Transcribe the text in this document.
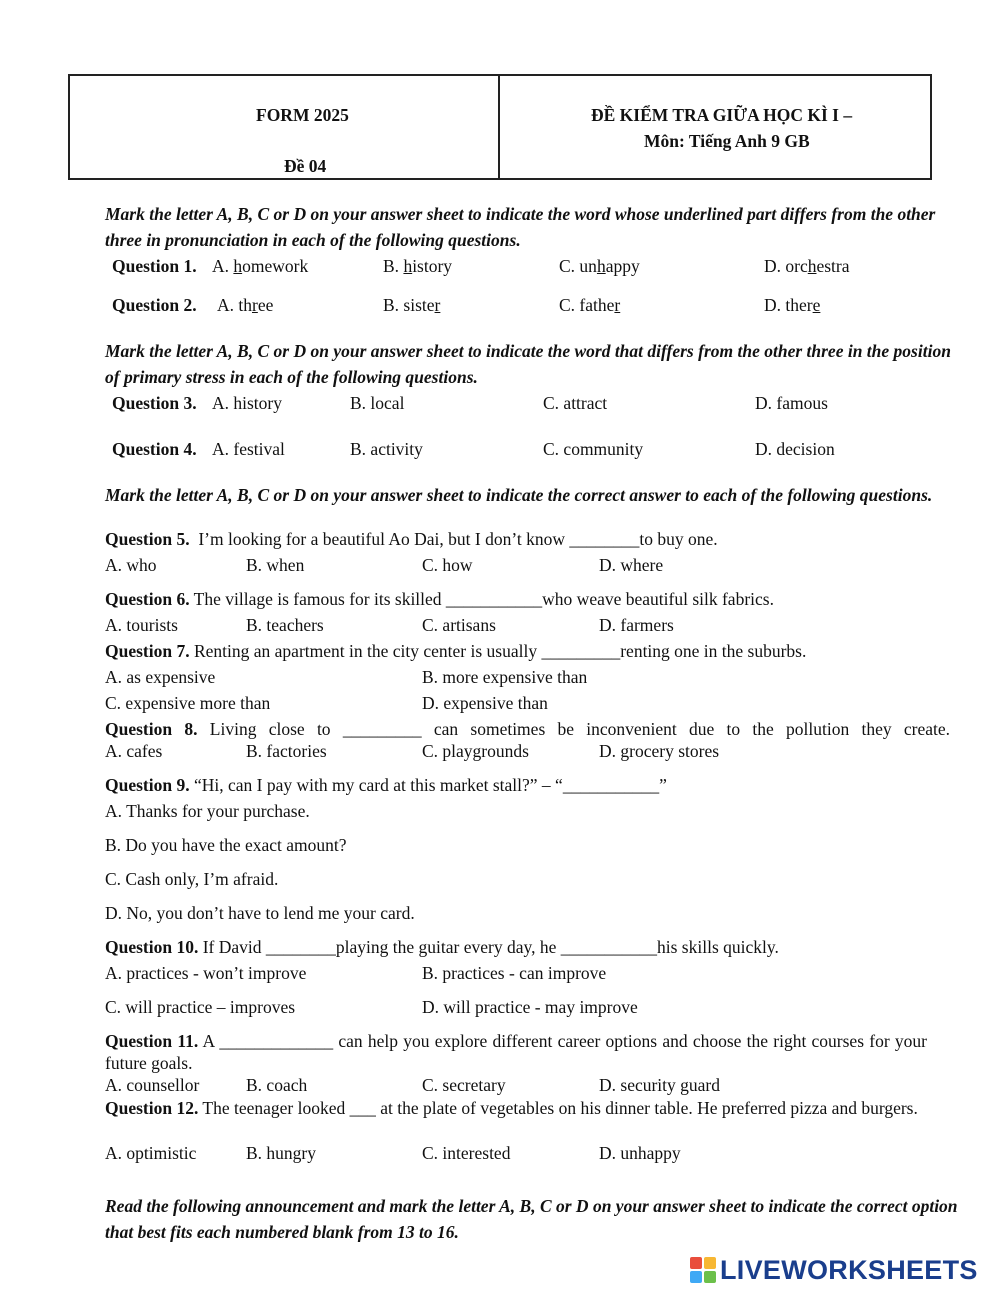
FORM 2025
Đề 04
ĐỀ KIỂM TRA GIỮA HỌC KÌ I –
Môn: Tiếng Anh 9 GB
Mark the letter A, B, C or D on your answer sheet to indicate the word whose underlined part differs from the other three in pronunciation in each of the following questions.
Question 1. A. homework	B. history	C. unhappy	D. orchestra
Question 2. A. three	B. sister	C. father	D. there
Mark the letter A, B, C or D on your answer sheet to indicate the word that differs from the other three in the position of primary stress in each of the following questions.
Question 3. A. history	B. local	C. attract	D. famous
Question 4. A. festival	B. activity	C. community	D. decision
Mark the letter A, B, C or D on your answer sheet to indicate the correct answer to each of the following questions.
Question 5. I’m looking for a beautiful Ao Dai, but I don’t know ________to buy one.
A. who	B. when	C. how	D. where
Question 6. The village is famous for its skilled ___________who weave beautiful silk fabrics.
A. tourists	B. teachers	C. artisans	D. farmers
Question 7. Renting an apartment in the city center is usually _________renting one in the suburbs.
A. as expensive	B. more expensive than
C. expensive more than	D. expensive than
Question 8. Living close to _________ can sometimes be inconvenient due to the pollution they create.
A. cafes	B. factories	C. playgrounds	D. grocery stores
Question 9. “Hi, can I pay with my card at this market stall?” – “___________”
A. Thanks for your purchase.
B. Do you have the exact amount?
C. Cash only, I’m afraid.
D. No, you don’t have to lend me your card.
Question 10. If David ________playing the guitar every day, he ___________his skills quickly.
A. practices - won’t improve	B. practices - can improve
C. will practice – improves	D. will practice - may improve
Question 11. A _____________ can help you explore different career options and choose the right courses for your future goals.
A. counsellor	B. coach	C. secretary	D. security guard
Question 12. The teenager looked ___ at the plate of vegetables on his dinner table. He preferred pizza and burgers.
A. optimistic	B. hungry	C. interested	D. unhappy
Read the following announcement and mark the letter A, B, C or D on your answer sheet to indicate the correct option that best fits each numbered blank from 13 to 16.
LIVEWORKSHEETS
